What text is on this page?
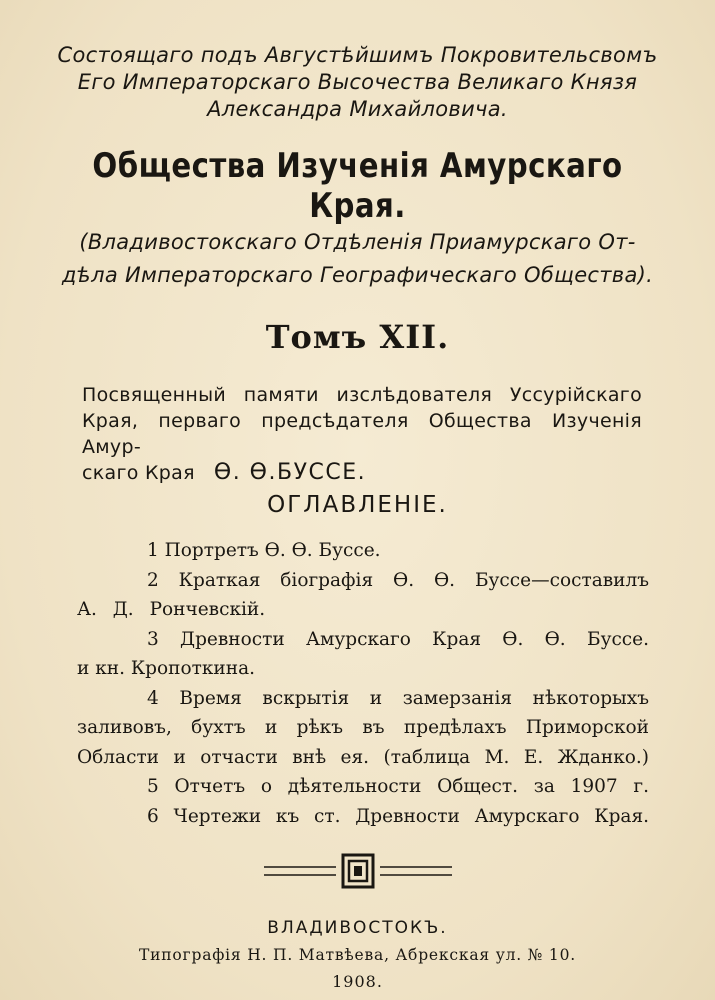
Состоящаго подъ Августѣйшимъ Покровительсвомъ
Его Императорскаго Высочества Великаго Князя
Александра Михайловича.
Общества Изученія Амурскаго Края.
(Владивостокскаго Отдѣленія Приамурскаго От-
дѣла Императорскаго Географическаго Общества).
Томъ XII.
Посвященный памяти изслѣдователя Уссурiйскаго
Края, перваго предсѣдателя Общества Изученія Амур-
скаго Края Ѳ. Ѳ.БУССЕ.
ОГЛАВЛЕНІЕ.
1 Портретъ Ѳ. Ѳ. Буссе.
2 Краткая біографія Ѳ. Ѳ. Буссе—составилъ
А. Д. Рончевскій.
3 Древности Амурскаго Края Ѳ. Ѳ. Буссе.
и кн. Кропоткина.
4 Время вскрытія и замерзанія нѣкоторыхъ
заливовъ, бухтъ и рѣкъ въ предѣлахъ Приморской
Области и отчасти внѣ ея. (таблица М. Е. Жданко.)
5 Отчетъ о дѣятельности Общест. за 1907 г.
6 Чертежи къ ст. Древности Амурскаго Края.
ВЛАДИВОСТОКЪ.
Типографія Н. П. Матвѣева, Абрекская ул. № 10.
1908.
